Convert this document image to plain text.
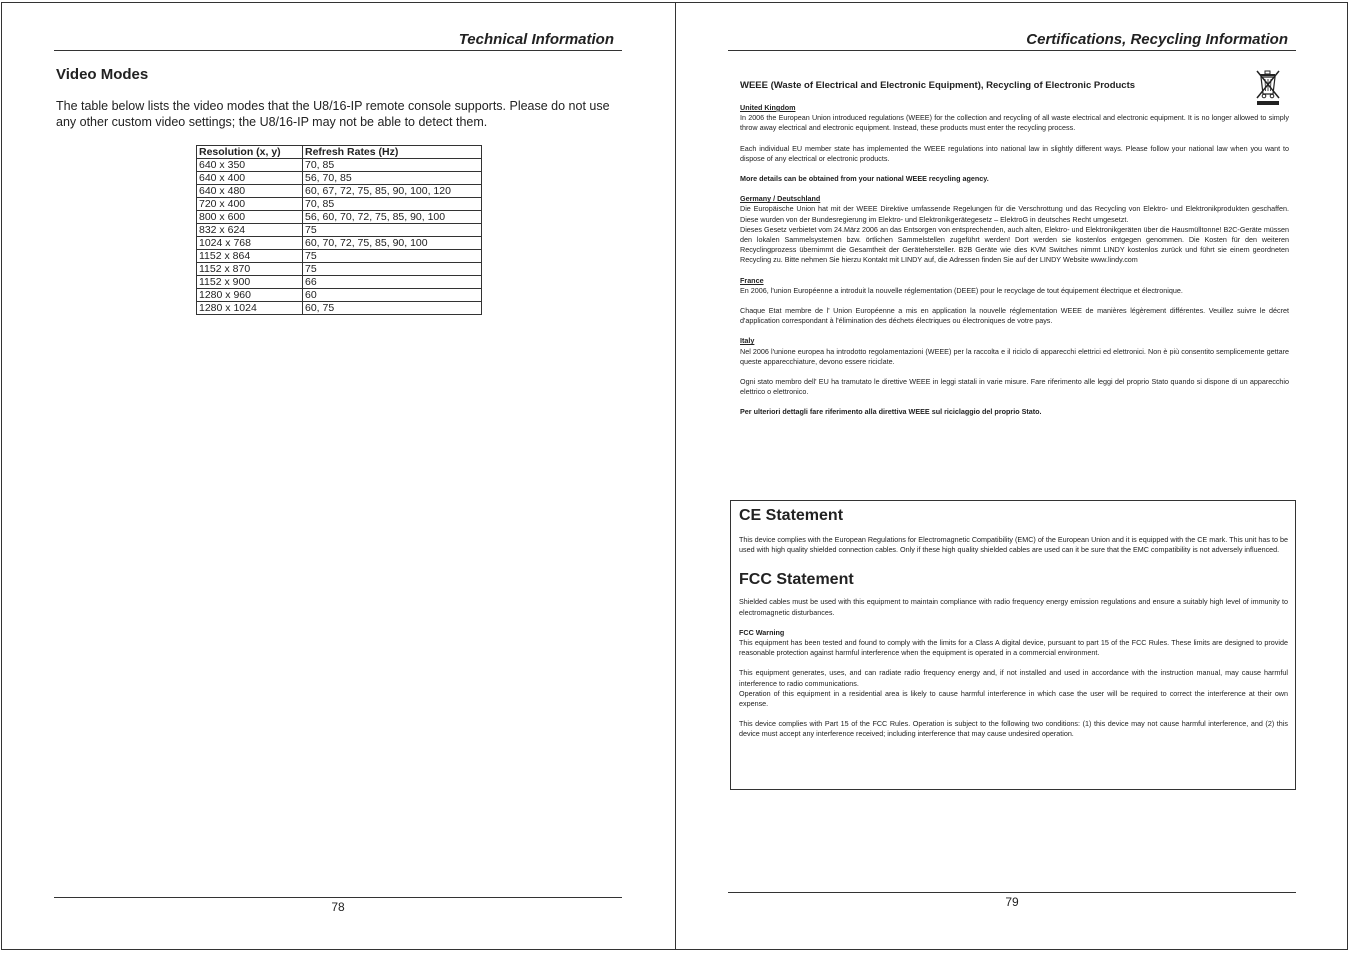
Technical Information
Video Modes
The table below lists the video modes that the U8/16-IP remote console supports. Please do not use any other custom video settings; the U8/16-IP may not be able to detect them.
Resolution (x, y)	Refresh Rates (Hz)
640 x 350	70, 85
640 x 400	56, 70, 85
640 x 480	60, 67, 72, 75, 85, 90, 100, 120
720 x 400	70, 85
800 x 600	56, 60, 70, 72, 75, 85, 90, 100
832 x 624	75
1024 x 768	60, 70, 72, 75, 85, 90, 100
1152 x 864	75
1152 x 870	75
1152 x 900	66
1280 x 960	60
1280 x 1024	60, 75
78
Certifications, Recycling Information
WEEE (Waste of Electrical and Electronic Equipment), Recycling of Electronic Products

United Kingdom

In 2006 the European Union introduced regulations (WEEE) for the collection and recycling of all waste electrical and electronic equipment. It is no longer allowed to simply throw away electrical and electronic equipment. Instead, these products must enter the recycling process.

Each individual EU member state has implemented the WEEE regulations into national law in slightly different ways. Please follow your national law when you want to dispose of any electrical or electronic products.

More details can be obtained from your national WEEE recycling agency.

Germany / Deutschland

Die Europäische Union hat mit der WEEE Direktive umfassende Regelungen für die Verschrottung und das Recycling von Elektro- und Elektronikprodukten geschaffen. Diese wurden von der Bundesregierung im Elektro- und Elektronikgerätegesetz – ElektroG in deutsches Recht umgesetzt.

Dieses Gesetz verbietet vom 24.März 2006 an das Entsorgen von entsprechenden, auch alten, Elektro- und Elektronikgeräten über die Hausmülltonne! B2C-Geräte müssen den lokalen Sammelsystemen bzw. örtlichen Sammelstellen zugeführt werden! Dort werden sie kostenlos entgegen genommen. Die Kosten für den weiteren Recyclingprozess übernimmt die Gesamtheit der Gerätehersteller. B2B Geräte wie dies KVM Switches nimmt LINDY kostenlos zurück und führt sie einem geordneten Recycling zu. Bitte nehmen Sie hierzu Kontakt mit LINDY auf, die Adressen finden Sie auf der LINDY Website www.lindy.com

France

En 2006, l'union Européenne a introduit la nouvelle réglementation (DEEE) pour le recyclage de tout équipement électrique et électronique.

Chaque Etat membre de l' Union Européenne a mis en application la nouvelle réglementation WEEE de manières légèrement différentes. Veuillez suivre le décret d'application correspondant à l'élimination des déchets électriques ou électroniques de votre pays.

Italy

Nel 2006 l'unione europea ha introdotto regolamentazioni (WEEE) per la raccolta e il riciclo di apparecchi elettrici ed elettronici. Non è più consentito semplicemente gettare queste apparecchiature, devono essere riciclate.

Ogni stato membro dell' EU ha tramutato le direttive WEEE in leggi statali in varie misure. Fare riferimento alle leggi del proprio Stato quando si dispone di un apparecchio elettrico o elettronico.

Per ulteriori dettagli fare riferimento alla direttiva WEEE sul riciclaggio del proprio Stato.

CE Statement

This device complies with the European Regulations for Electromagnetic Compatibility (EMC) of the European Union and it is equipped with the CE mark. This unit has to be used with high quality shielded connection cables. Only if these high quality shielded cables are used can it be sure that the EMC compatibility is not adversely influenced.

FCC Statement

Shielded cables must be used with this equipment to maintain compliance with radio frequency energy emission regulations and ensure a suitably high level of immunity to electromagnetic disturbances.

FCC Warning

This equipment has been tested and found to comply with the limits for a Class A digital device, pursuant to part 15 of the FCC Rules. These limits are designed to provide reasonable protection against harmful interference when the equipment is operated in a commercial environment.

This equipment generates, uses, and can radiate radio frequency energy and, if not installed and used in accordance with the instruction manual, may cause harmful interference to radio communications.

Operation of this equipment in a residential area is likely to cause harmful interference in which case the user will be required to correct the interference at their own expense.

This device complies with Part 15 of the FCC Rules. Operation is subject to the following two conditions: (1) this device may not cause harmful interference, and (2) this device must accept any interference received; including interference that may cause undesired operation.

79
